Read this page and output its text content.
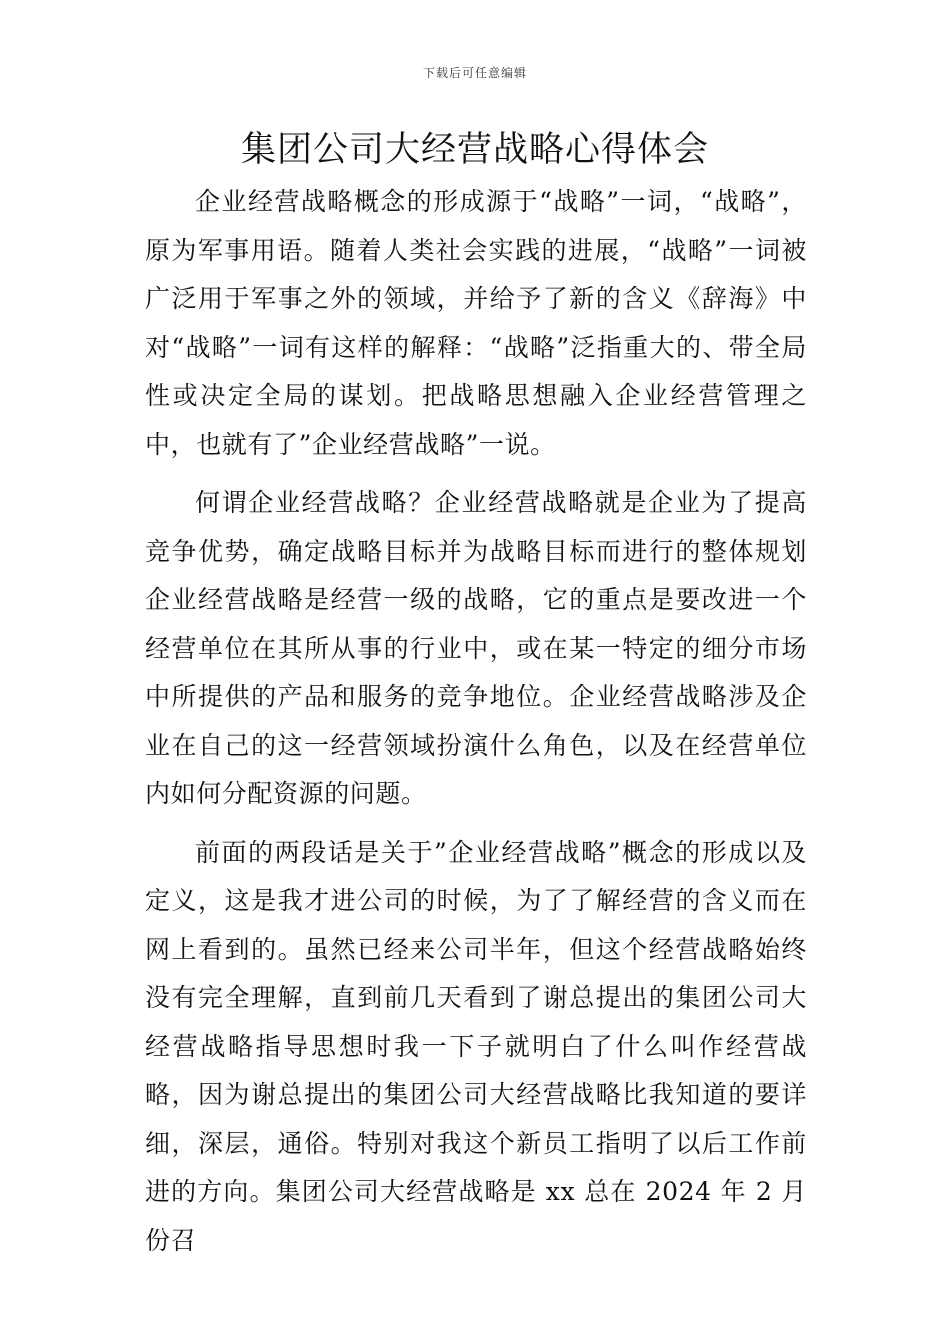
下载后可任意编辑
集团公司大经营战略心得体会

企业经营战略概念的形成源于“战略”一词，“战略”，原为军事用语。随着人类社会实践的进展，“战略”一词被广泛用于军事之外的领域，并给予了新的含义《辞海》中对“战略”一词有这样的解释：“战略”泛指重大的、带全局性或决定全局的谋划。把战略思想融入企业经营管理之中，也就有了”企业经营战略”一说。

何谓企业经营战略？企业经营战略就是企业为了提高竞争优势，确定战略目标并为战略目标而进行的整体规划企业经营战略是经营一级的战略，它的重点是要改进一个经营单位在其所从事的行业中，或在某一特定的细分市场中所提供的产品和服务的竞争地位。企业经营战略涉及企业在自己的这一经营领域扮演什么角色，以及在经营单位内如何分配资源的问题。

前面的两段话是关于”企业经营战略”概念的形成以及定义，这是我才进公司的时候，为了了解经营的含义而在网上看到的。虽然已经来公司半年，但这个经营战略始终没有完全理解，直到前几天看到了谢总提出的集团公司大经营战略指导思想时我一下子就明白了什么叫作经营战略，因为谢总提出的集团公司大经营战略比我知道的要详细，深层，通俗。特别对我这个新员工指明了以后工作前进的方向。集团公司大经营战略是 xx 总在 2024 年 2 月份召
